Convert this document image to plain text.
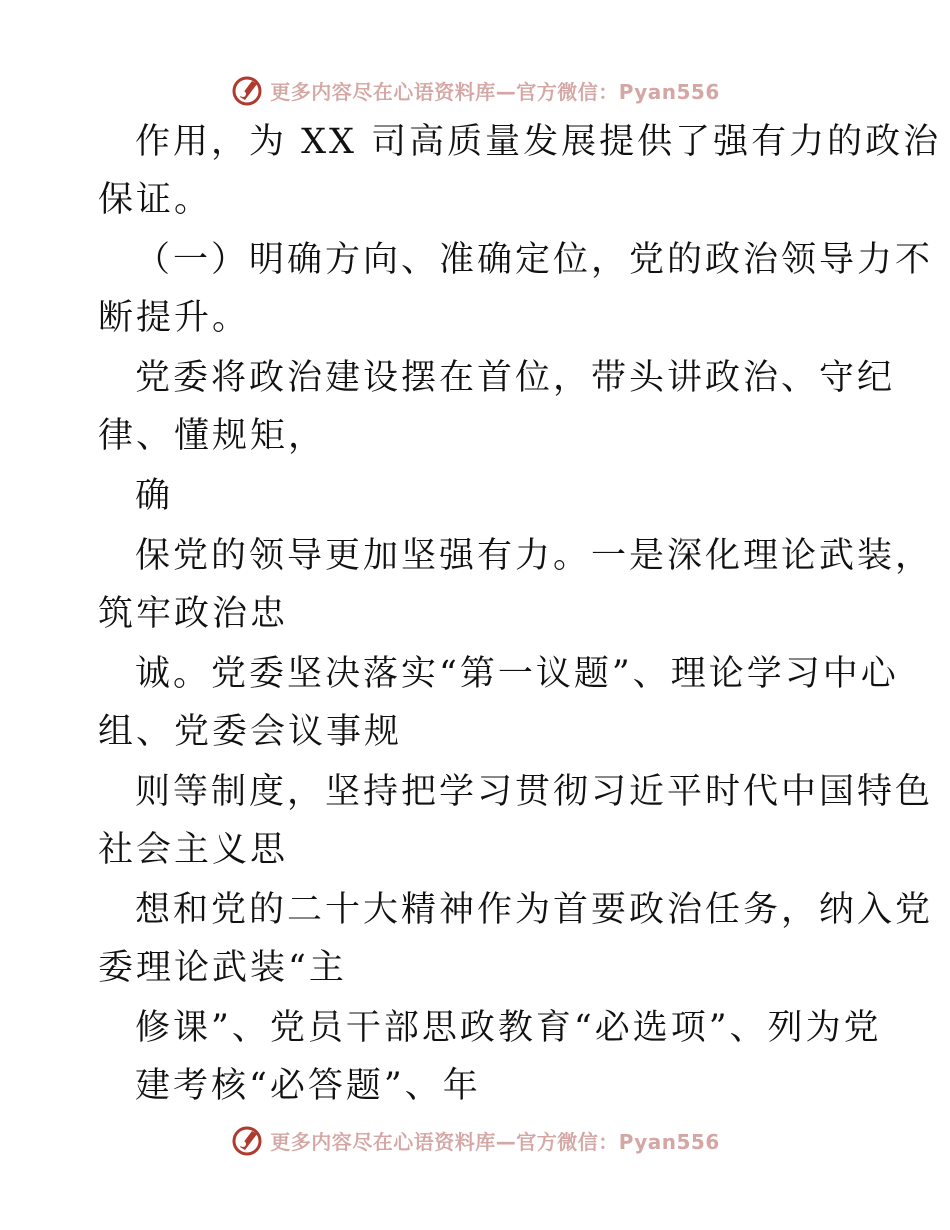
更多内容尽在心语资料库—官方微信：Pyan556
作用，为 XX 司高质量发展提供了强有力的政治
保证。
（一）明确方向、准确定位，党的政治领导力不
断提升。
党委将政治建设摆在首位，带头讲政治、守纪
律、懂规矩，
确
保党的领导更加坚强有力。一是深化理论武装，
筑牢政治忠
诚。党委坚决落实“第一议题”、理论学习中心
组、党委会议事规
则等制度，坚持把学习贯彻习近平时代中国特色
社会主义思
想和党的二十大精神作为首要政治任务，纳入党
委理论武装“主
修课”、党员干部思政教育“必选项”、列为党
建考核“必答题”、年
更多内容尽在心语资料库—官方微信：Pyan556
